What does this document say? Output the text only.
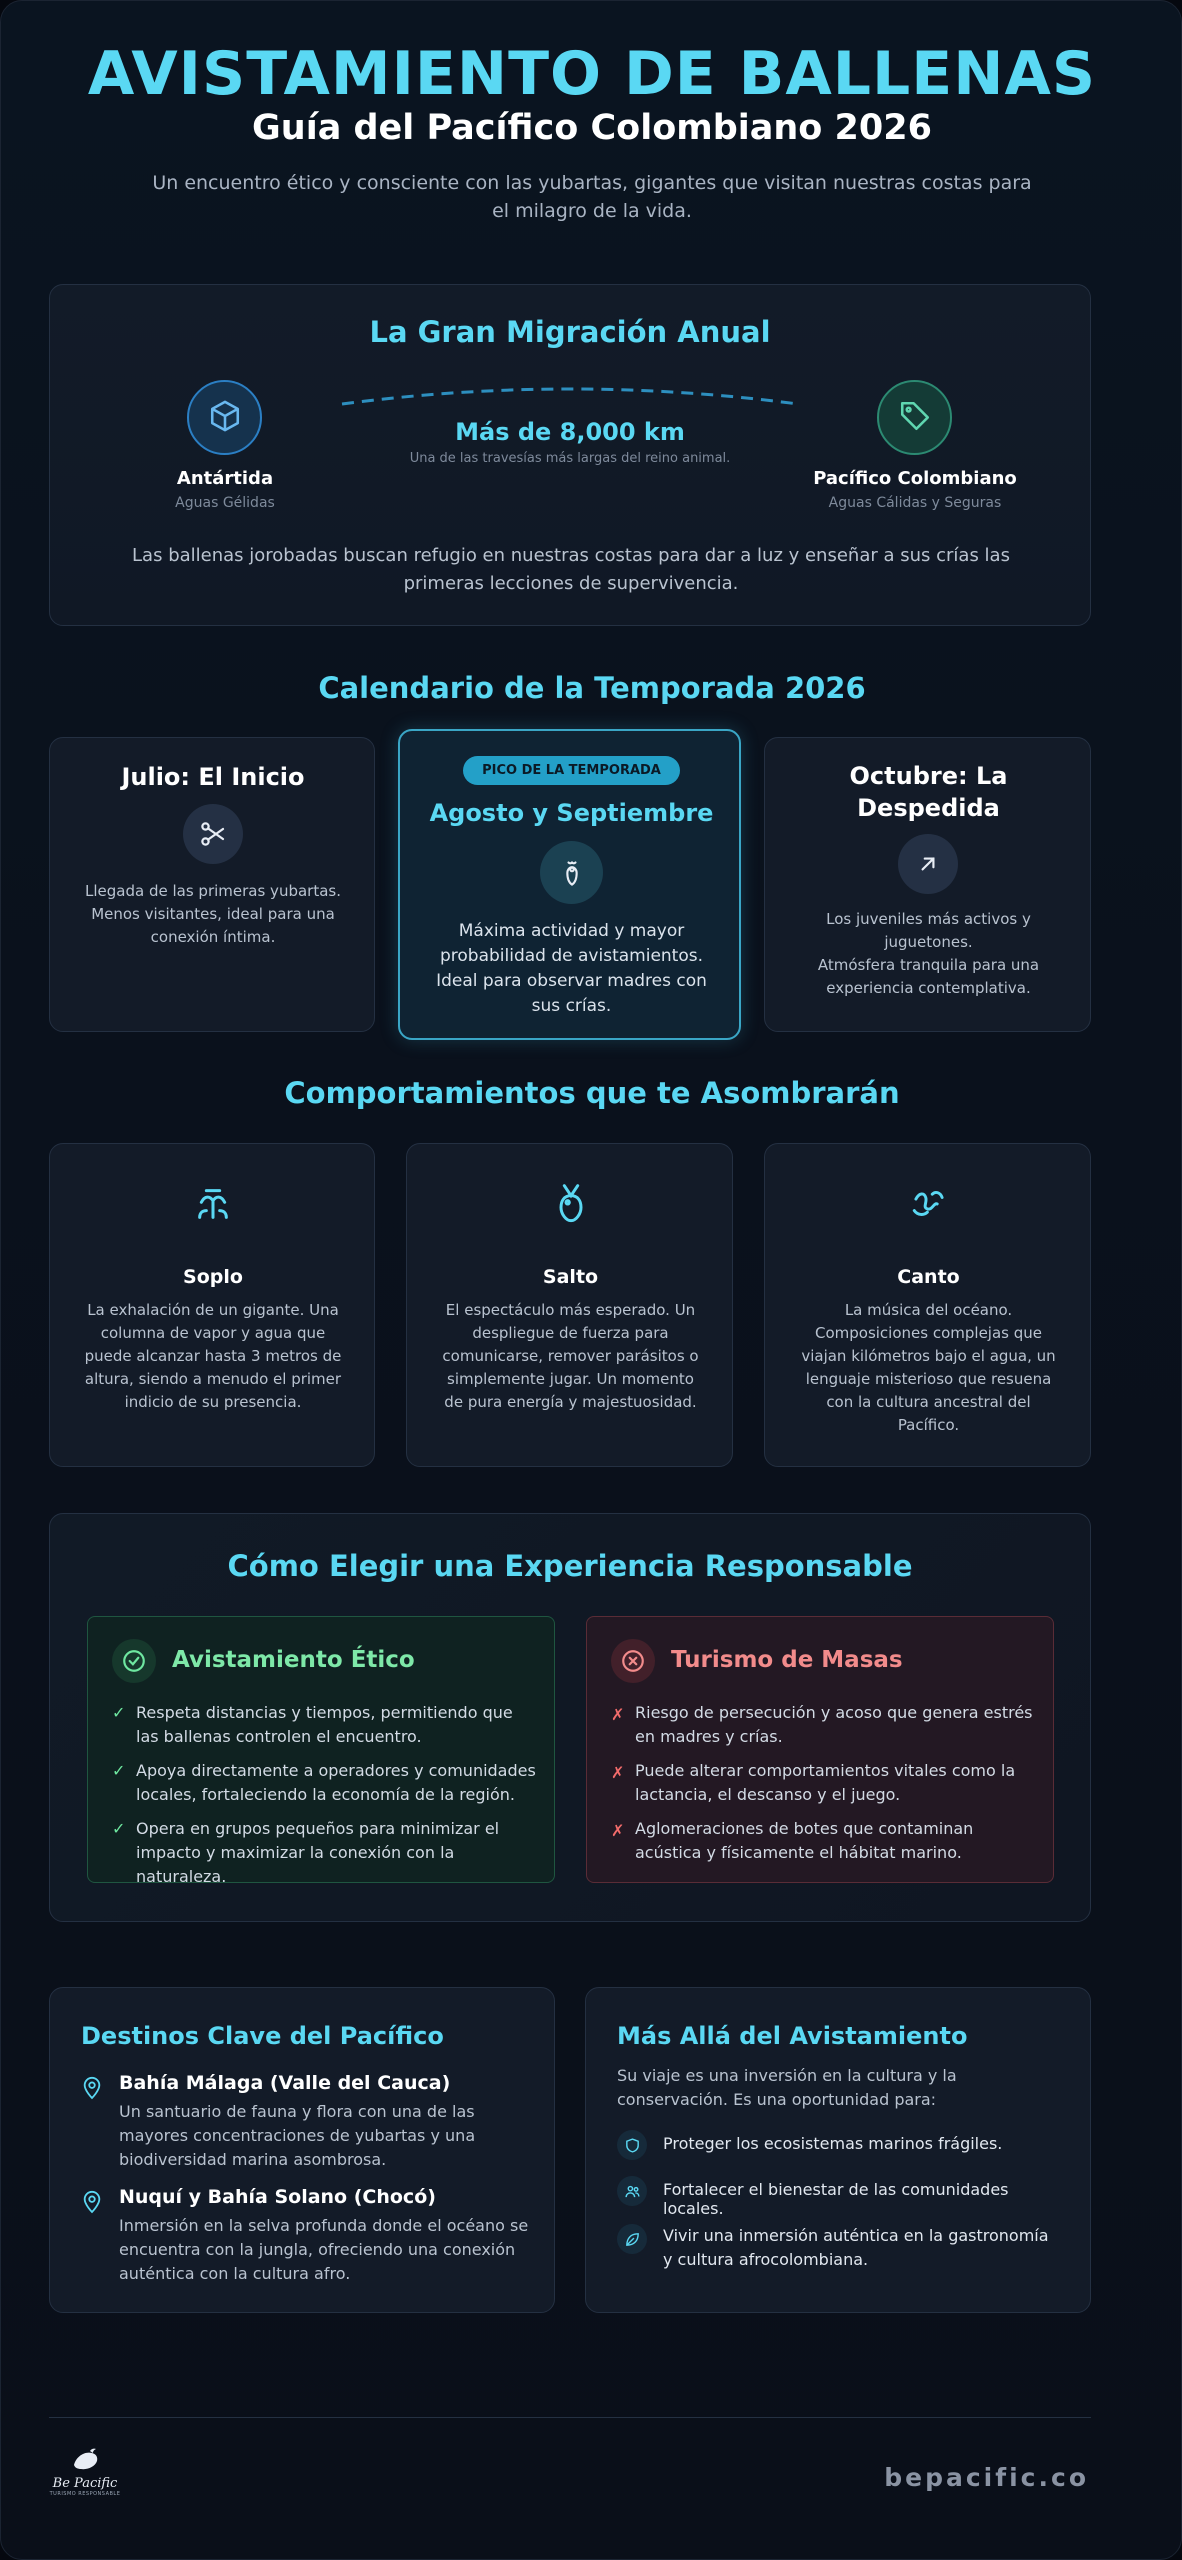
AVISTAMIENTO DE BALLENAS
Guía del Pacífico Colombiano 2026
Un encuentro ético y consciente con las yubartas, gigantes que visitan nuestras costas para el milagro de la vida.
La Gran Migración Anual
Antártida
Aguas Gélidas
Más de 8,000 km
Una de las travesías más largas del reino animal.
Pacífico Colombiano
Aguas Cálidas y Seguras
Las ballenas jorobadas buscan refugio en nuestras costas para dar a luz y enseñar a sus crías las primeras lecciones de supervivencia.
Calendario de la Temporada 2026
Julio: El Inicio
Llegada de las primeras yubartas. Menos visitantes, ideal para una conexión íntima.
PICO DE LA TEMPORADA
Agosto y Septiembre
Máxima actividad y mayor probabilidad de avistamientos. Ideal para observar madres con sus crías.
Octubre: La Despedida
Los juveniles más activos y juguetones.
Atmósfera tranquila para una experiencia contemplativa.
Comportamientos que te Asombrarán
Soplo
La exhalación de un gigante. Una columna de vapor y agua que puede alcanzar hasta 3 metros de altura, siendo a menudo el primer indicio de su presencia.
Salto
El espectáculo más esperado. Un despliegue de fuerza para comunicarse, remover parásitos o simplemente jugar. Un momento de pura energía y majestuosidad.
Canto
La música del océano. Composiciones complejas que viajan kilómetros bajo el agua, un lenguaje misterioso que resuena con la cultura ancestral del Pacífico.
Cómo Elegir una Experiencia Responsable
Avistamiento Ético
✓ Respeta distancias y tiempos, permitiendo que las ballenas controlen el encuentro.
✓ Apoya directamente a operadores y comunidades locales, fortaleciendo la economía de la región.
✓ Opera en grupos pequeños para minimizar el impacto y maximizar la conexión con la naturaleza.
Turismo de Masas
✗ Riesgo de persecución y acoso que genera estrés en madres y crías.
✗ Puede alterar comportamientos vitales como la lactancia, el descanso y el juego.
✗ Aglomeraciones de botes que contaminan acústica y físicamente el hábitat marino.
Destinos Clave del Pacífico
Bahía Málaga (Valle del Cauca)
Un santuario de fauna y flora con una de las mayores concentraciones de yubartas y una biodiversidad marina asombrosa.
Nuquí y Bahía Solano (Chocó)
Inmersión en la selva profunda donde el océano se encuentra con la jungla, ofreciendo una conexión auténtica con la cultura afro.
Más Allá del Avistamiento
Su viaje es una inversión en la cultura y la conservación. Es una oportunidad para:
Proteger los ecosistemas marinos frágiles.
Fortalecer el bienestar de las comunidades locales.
Vivir una inmersión auténtica en la gastronomía y cultura afrocolombiana.
Be Pacific
TURISMO RESPONSABLE
bepacific.co
